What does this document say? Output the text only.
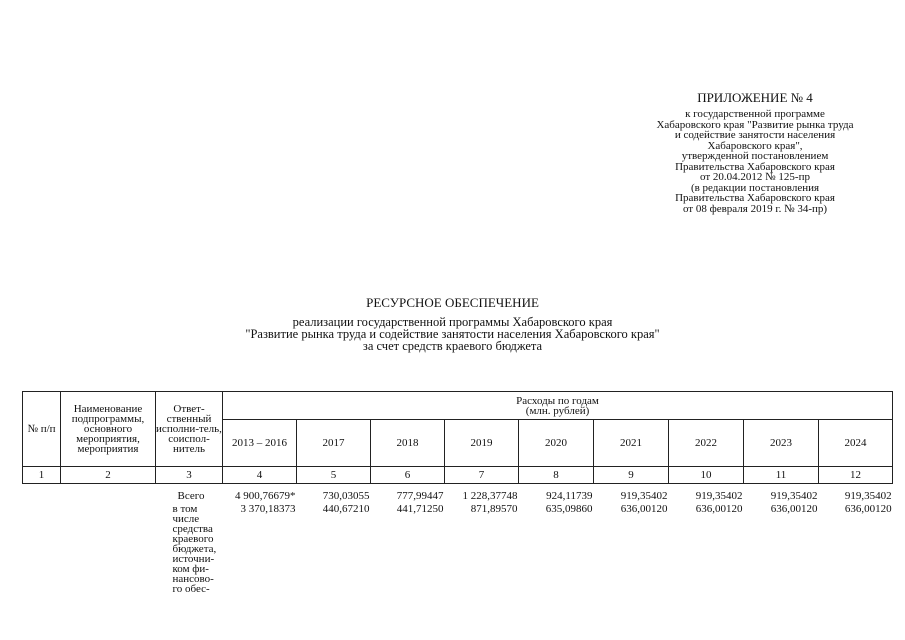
ПРИЛОЖЕНИЕ № 4
к государственной программе
Хабаровского края "Развитие рынка труда
и содействие занятости населения
Хабаровского края",
утвержденной постановлением
Правительства Хабаровского края
от 20.04.2012 № 125-пр
(в редакции постановления
Правительства Хабаровского края
от 08 февраля 2019 г. № 34-пр)
РЕСУРСНОЕ ОБЕСПЕЧЕНИЕ
реализации государственной программы Хабаровского края
"Развитие рынка труда и содействие занятости населения Хабаровского края"
за счет средств краевого бюджета
№ п/п	Наименование подпрограммы, основного мероприятия, мероприятия	Ответ-ственный исполни-тель, соиспол-нитель	Расходы по годам
(млн. рублей)								
			2013 – 2016	2017	2018	2019	2020	2021	2022	2023	2024
1	2	3	4	5	6	7	8	9	10	11	12
		Всего	4 900,76679*	730,03055	777,99447	1 228,37748	924,11739	919,35402	919,35402	919,35402	919,35402

		в том числе средства краевого бюджета, источни-ком фи-нансово-го обес-	3 370,18373	440,67210	441,71250	871,89570	635,09860	636,00120	636,00120	636,00120	636,00120
